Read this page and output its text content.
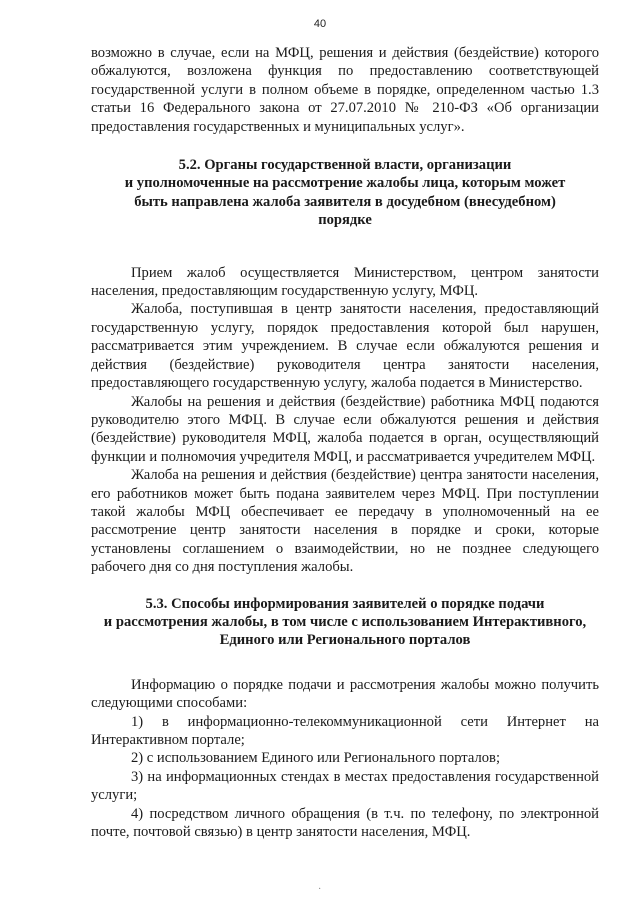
40

возможно в случае, если на МФЦ, решения и действия (бездействие) которого обжалуются, возложена функция по предоставлению соответствующей государственной услуги в полном объеме в порядке, определенном частью 1.3 статьи 16 Федерального закона от 27.07.2010 № 210-ФЗ «Об организации предоставления государственных и муниципальных услуг».

5.2. Органы государственной власти, организации
и уполномоченные на рассмотрение жалобы лица, которым может
быть направлена жалоба заявителя в досудебном (внесудебном)
порядке

Прием жалоб осуществляется Министерством, центром занятости населения, предоставляющим государственную услугу, МФЦ.

Жалоба, поступившая в центр занятости населения, предоставляющий государственную услугу, порядок предоставления которой был нарушен, рассматривается этим учреждением. В случае если обжалуются решения и действия (бездействие) руководителя центра занятости населения, предоставляющего государственную услугу, жалоба подается в Министерство.

Жалобы на решения и действия (бездействие) работника МФЦ подаются руководителю этого МФЦ. В случае если обжалуются решения и действия (бездействие) руководителя МФЦ, жалоба подается в орган, осуществляющий функции и полномочия учредителя МФЦ, и рассматривается учредителем МФЦ.

Жалоба на решения и действия (бездействие) центра занятости населения, его работников может быть подана заявителем через МФЦ. При поступлении такой жалобы МФЦ обеспечивает ее передачу в уполномоченный на ее рассмотрение центр занятости населения в порядке и сроки, которые установлены соглашением о взаимодействии, но не позднее следующего рабочего дня со дня поступления жалобы.

5.3. Способы информирования заявителей о порядке подачи
и рассмотрения жалобы, в том числе с использованием Интерактивного,
Единого или Регионального порталов

Информацию о порядке подачи и рассмотрения жалобы можно получить следующими способами:

1) в информационно-телекоммуникационной сети Интернет на Интерактивном портале;

2) с использованием Единого или Регионального порталов;

3) на информационных стендах в местах предоставления государственной услуги;

4) посредством личного обращения (в т.ч. по телефону, по электронной почте, почтовой связью) в центр занятости населения, МФЦ.

·
